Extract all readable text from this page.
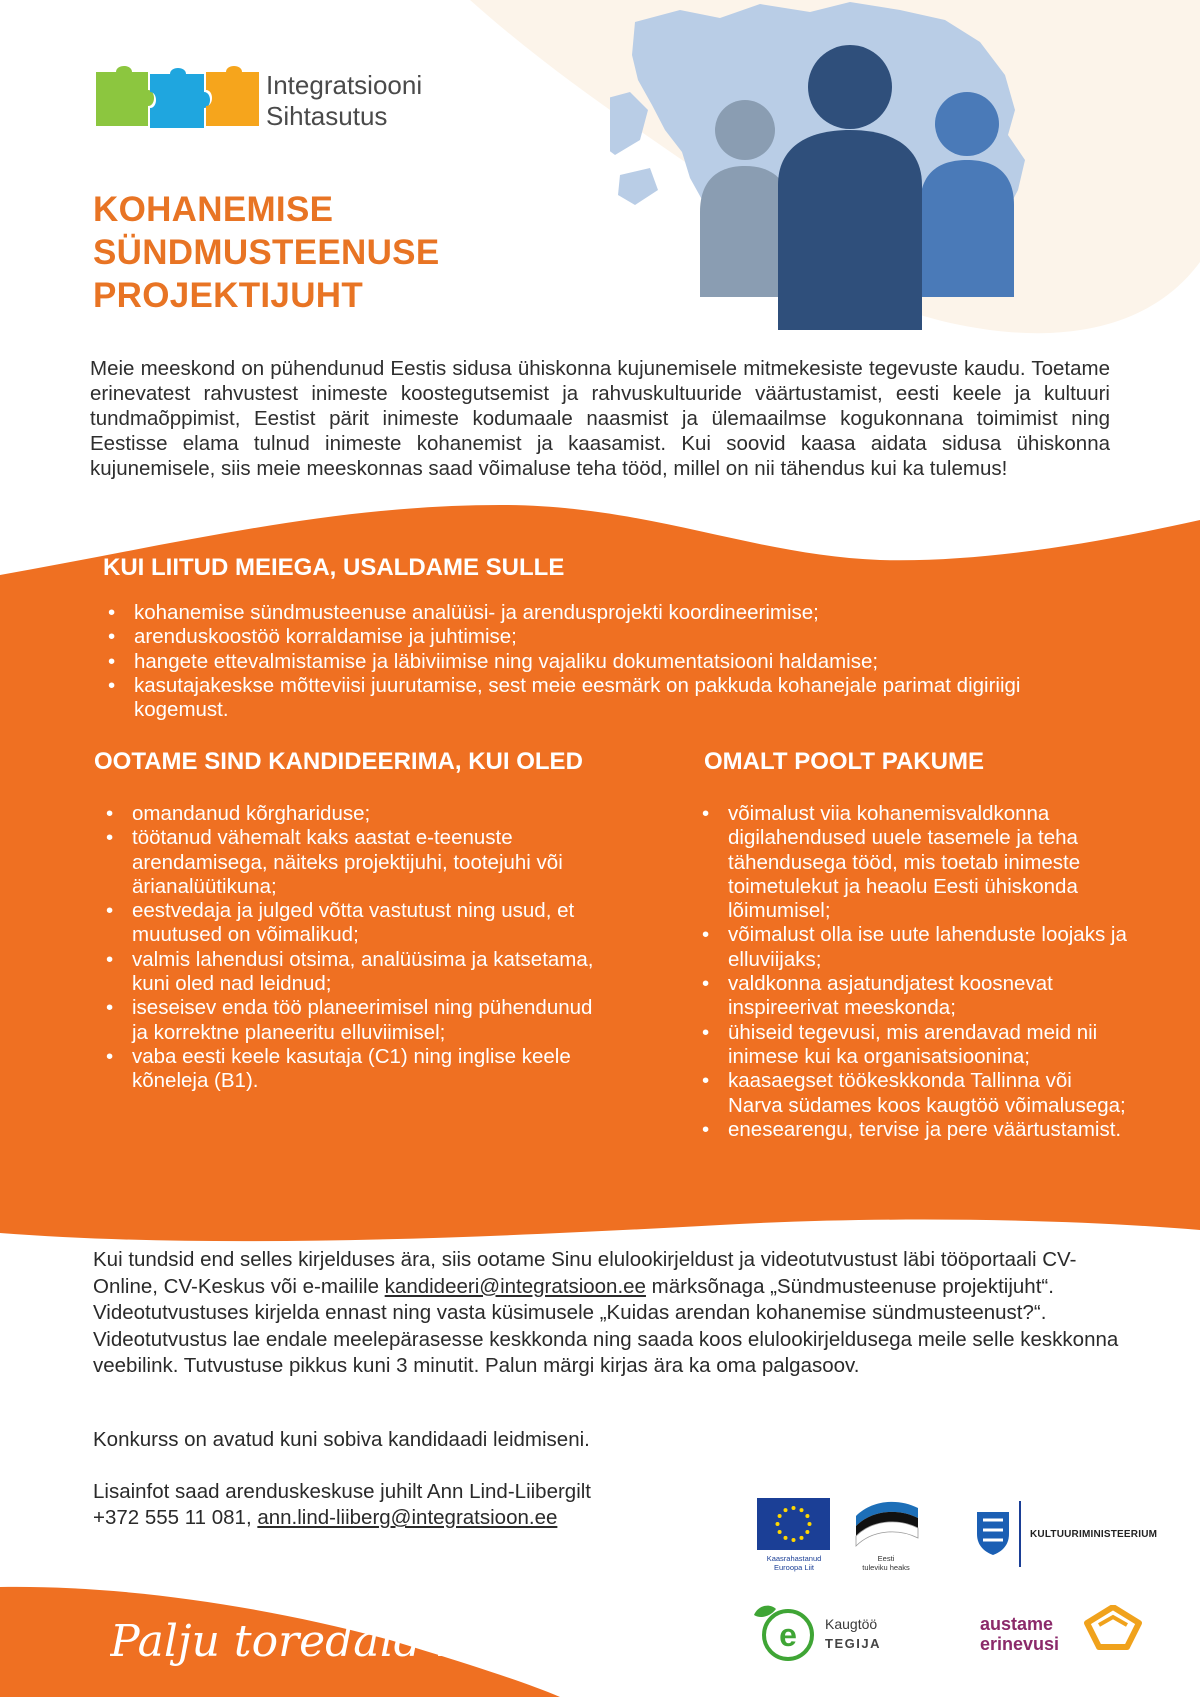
Integratsiooni
Sihtasutus
KOHANEMISE
SÜNDMUSTEENUSE
PROJEKTIJUHT

Meie meeskond on pühendunud Eestis sidusa ühiskonna kujunemisele mitmekesiste tegevuste kaudu. Toetame erinevatest rahvustest inimeste koostegutsemist ja rahvuskultuuride väärtustamist, eesti keele ja kultuuri tundmaõppimist, Eestist pärit inimeste kodumaale naasmist ja ülemaailmse kogukonnana toimimist ning Eestisse elama tulnud inimeste kohanemist ja kaasamist. Kui soovid kaasa aidata sidusa ühiskonna kujunemisele, siis meie meeskonnas saad võimaluse teha tööd, millel on nii tähendus kui ka tulemus!

KUI LIITUD MEIEGA, USALDAME SULLE
• kohanemise sündmusteenuse analüüsi- ja arendusprojekti koordineerimise;
• arenduskoostöö korraldamise ja juhtimise;
• hangete ettevalmistamise ja läbiviimise ning vajaliku dokumentatsiooni haldamise;
• kasutajakeskse mõtteviisi juurutamise, sest meie eesmärk on pakkuda kohanejale parimat digiriigi kogemust.
OOTAME SIND KANDIDEERIMA, KUI OLED
• omandanud kõrghariduse;
• töötanud vähemalt kaks aastat e-teenuste arendamisega, näiteks projektijuhi, tootejuhi või ärianalüütikuna;
• eestvedaja ja julged võtta vastutust ning usud, et muutused on võimalikud;
• valmis lahendusi otsima, analüüsima ja katsetama, kuni oled nad leidnud;
• iseseisev enda töö planeerimisel ning pühendunud ja korrektne planeeritu elluviimisel;
• vaba eesti keele kasutaja (C1) ning inglise keele kõneleja (B1).
OMALT POOLT PAKUME
• võimalust viia kohanemisvaldkonna digilahendused uuele tasemele ja teha tähendusega tööd, mis toetab inimeste toimetulekut ja heaolu Eesti ühiskonda lõimumisel;
• võimalust olla ise uute lahenduste loojaks ja elluviijaks;
• valdkonna asjatundjatest koosnevat inspireerivat meeskonda;
• ühiseid tegevusi, mis arendavad meid nii inimese kui ka organisatsioonina;
• kaasaegset töökeskkonda Tallinna või Narva südames koos kaugtöö võimalusega;
• enesearengu, tervise ja pere väärtustamist.

Kui tundsid end selles kirjelduses ära, siis ootame Sinu elulookirjeldust ja videotutvustust läbi tööportaali CV-Online, CV-Keskus või e-mailile kandideeri@integratsioon.ee märksõnaga „Sündmusteenuse projektijuht“. Videotutvustuses kirjelda ennast ning vasta küsimusele „Kuidas arendan kohanemise sündmusteenust?“. Videotutvustus lae endale meelepärasesse keskkonda ning saada koos elulookirjeldusega meile selle keskkonna veebilink. Tutvustuse pikkus kuni 3 minutit. Palun märgi kirjas ära ka oma palgasoov.

Konkurss on avatud kuni sobiva kandidaadi leidmiseni.

Lisainfot saad arenduskeskuse juhilt Ann Lind-Liibergilt
+372 555 11 081, ann.lind-liiberg@integratsioon.ee

Kaasrahastanud
Euroopa Liit
Eesti
tuleviku heaks
KULTUURIMINISTEERIUM
e Kaugtöö
TEGIJA
austame
erinevusi
Palju toredaid inimesi
